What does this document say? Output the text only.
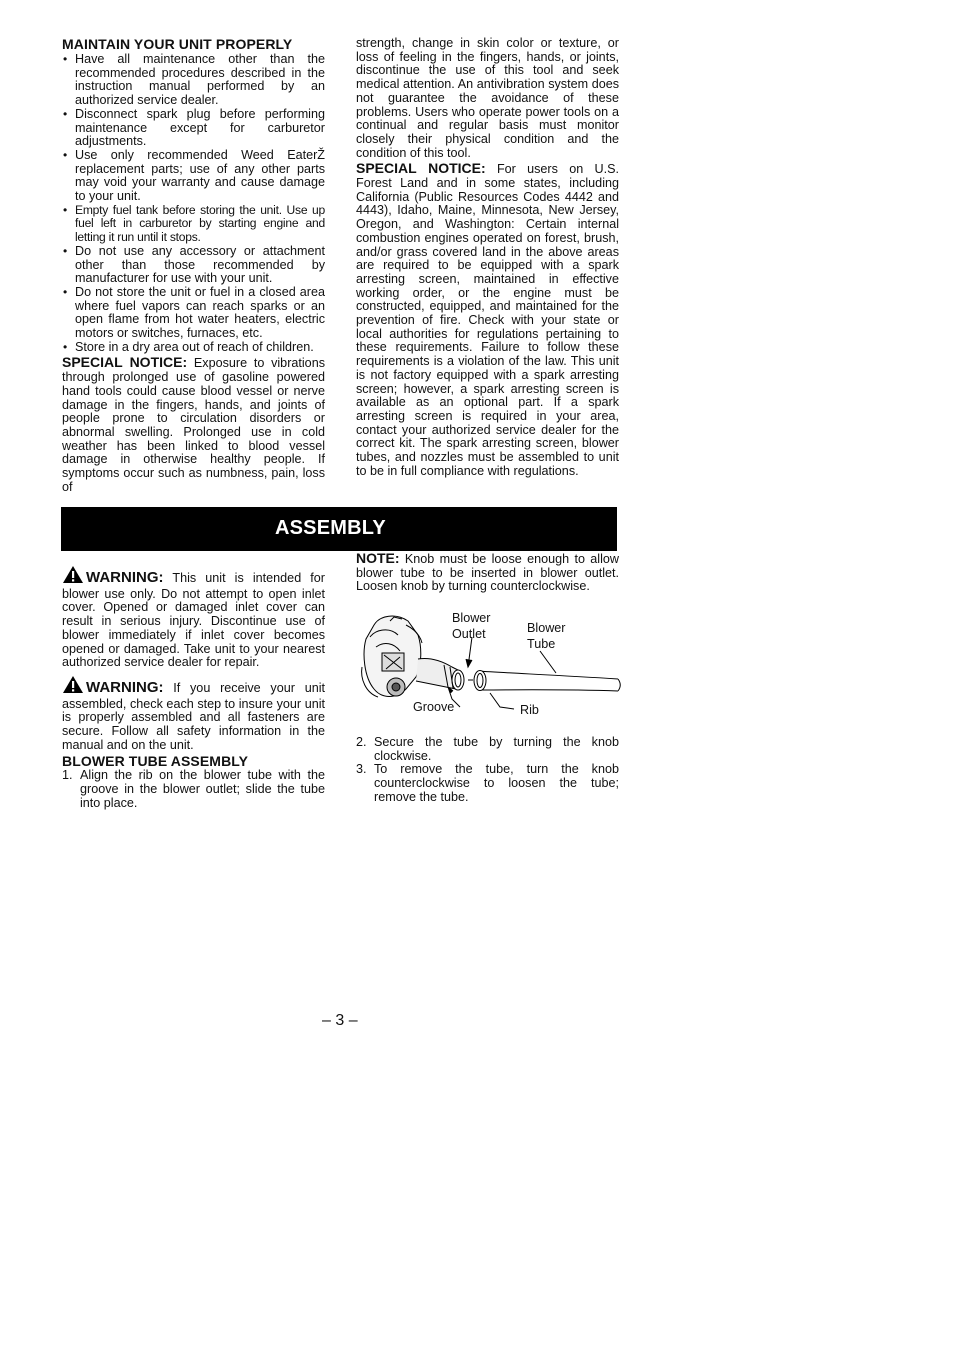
MAINTAIN YOUR UNIT PROPERLY
• Have all maintenance other than the recommended procedures described in the instruction manual performed by an authorized service dealer.
• Disconnect spark plug before performing maintenance except for carburetor adjustments.
• Use only recommended Weed EaterŽ replacement parts; use of any other parts may void your warranty and cause damage to your unit.
• Empty fuel tank before storing the unit. Use up fuel left in carburetor by starting engine and letting it run until it stops.
• Do not use any accessory or attachment other than those recommended by manufacturer for use with your unit.
• Do not store the unit or fuel in a closed area where fuel vapors can reach sparks or an open flame from hot water heaters, electric motors or switches, furnaces, etc.
• Store in a dry area out of reach of children.

SPECIAL NOTICE: Exposure to vibrations through prolonged use of gasoline powered hand tools could cause blood vessel or nerve damage in the fingers, hands, and joints of people prone to circulation disorders or abnormal swelling. Prolonged use in cold weather has been linked to blood vessel damage in otherwise healthy people. If symptoms occur such as numbness, pain, loss of

strength, change in skin color or texture, or loss of feeling in the fingers, hands, or joints, discontinue the use of this tool and seek medical attention. An antivibration system does not guarantee the avoidance of these problems. Users who operate power tools on a continual and regular basis must monitor closely their physical condition and the condition of this tool.

SPECIAL NOTICE: For users on U.S. Forest Land and in some states, including California (Public Resources Codes 4442 and 4443), Idaho, Maine, Minnesota, New Jersey, Oregon, and Washington: Certain internal combustion engines operated on forest, brush, and/or grass covered land in the above areas are required to be equipped with a spark arresting screen, maintained in effective working order, or the engine must be constructed, equipped, and maintained for the prevention of fire. Check with your state or local authorities for regulations pertaining to these requirements. Failure to follow these requirements is a violation of the law. This unit is not factory equipped with a spark arresting screen; however, a spark arresting screen is available as an optional part. If a spark arresting screen is required in your area, contact your authorized service dealer for the correct kit. The spark arresting screen, blower tubes, and nozzles must be assembled to unit to be in full compliance with regulations.

ASSEMBLY

WARNING: This unit is intended for blower use only. Do not attempt to open inlet cover. Opened or damaged inlet cover can result in serious injury. Discontinue use of blower immediately if inlet cover becomes opened or damaged. Take unit to your nearest authorized service dealer for repair.

WARNING: If you receive your unit assembled, check each step to insure your unit is properly assembled and all fasteners are secure. Follow all safety information in the manual and on the unit.

BLOWER TUBE ASSEMBLY
1. Align the rib on the blower tube with the groove in the blower outlet; slide the tube into place.

NOTE: Knob must be loose enough to allow blower tube to be inserted in blower outlet. Loosen knob by turning counterclockwise.

Blower
Outlet	Blower
Tube
Groove	Rib
2. Secure the tube by turning the knob clockwise.
3. To remove the tube, turn the knob counterclockwise to loosen the tube; remove the tube.
– 3 –
